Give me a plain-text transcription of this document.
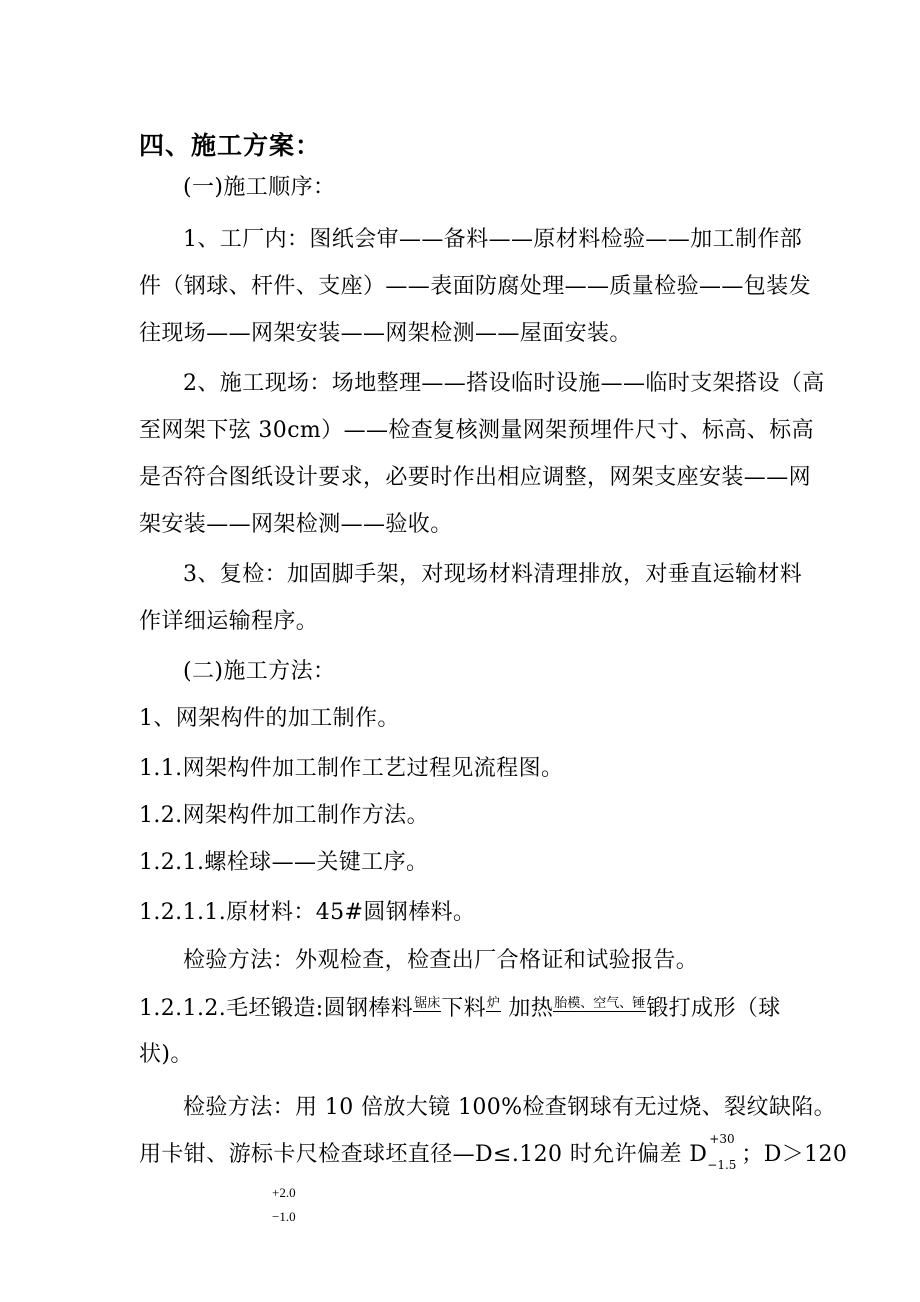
四、施工方案：
(一)施工顺序：
1、工厂内：图纸会审——备料——原材料检验——加工制作部
件（钢球、杆件、支座）——表面防腐处理——质量检验——包装发
往现场——网架安装——网架检测——屋面安装。
2、施工现场：场地整理——搭设临时设施——临时支架搭设（高
至网架下弦 30cm）——检查复核测量网架预埋件尺寸、标高、标高
是否符合图纸设计要求，必要时作出相应调整，网架支座安装——网
架安装——网架检测——验收。
3、复检：加固脚手架，对现场材料清理排放，对垂直运输材料
作详细运输程序。
(二)施工方法：
1、网架构件的加工制作。
1.1.网架构件加工制作工艺过程见流程图。
1.2.网架构件加工制作方法。
1.2.1.螺栓球——关键工序。
1.2.1.1.原材料：45#圆钢棒料。
检验方法：外观检查，检查出厂合格证和试验报告。
1.2.1.2.毛坯锻造:圆钢棒料锯床下料炉 加热胎模、空气、锤锻打成形（球
状)。
检验方法：用 10 倍放大镜 100%检查钢球有无过烧、裂纹缺陷。
用卡钳、游标卡尺检查球坯直径—D≤.120 时允许偏差 D
+30
−1.5 ；D＞120
+2.0
−1.0
